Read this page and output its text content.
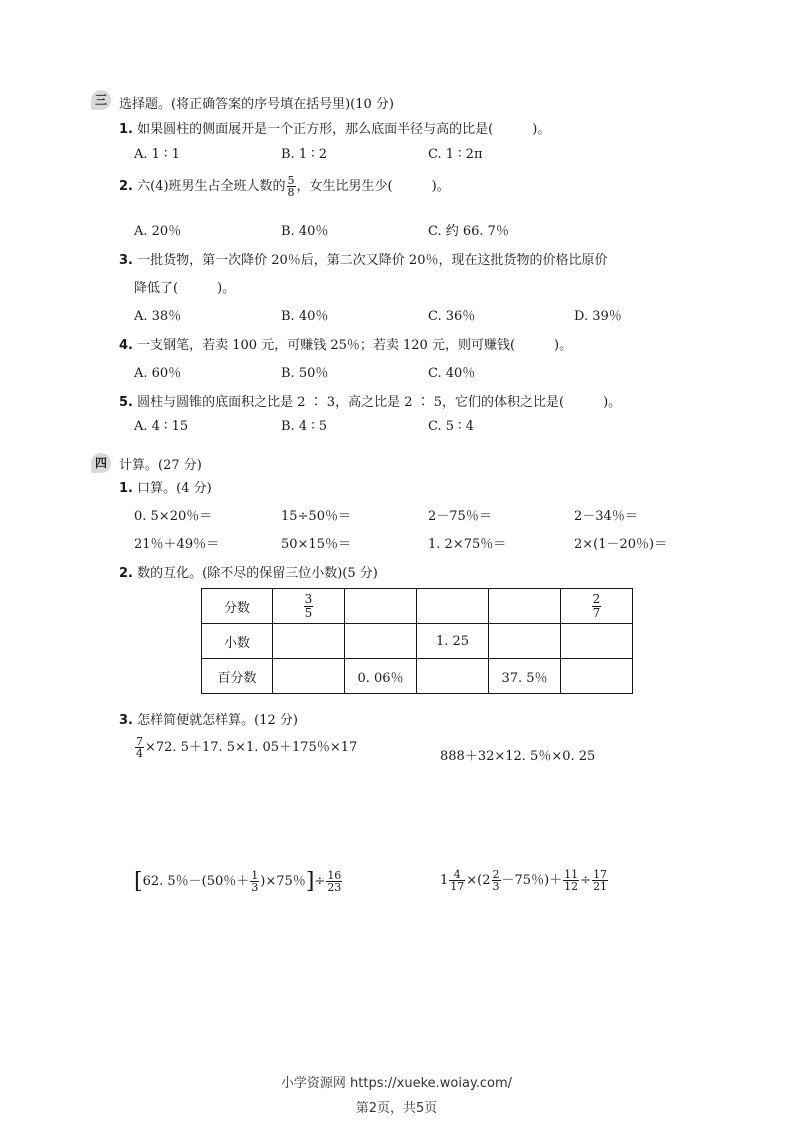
三 选择题。(将正确答案的序号填在括号里)(10 分)
1. 如果圆柱的侧面展开是一个正方形，那么底面半径与高的比是(　　　)。
A. 1 ∶ 1	B. 1 ∶ 2	C. 1 ∶ 2π
2. 六(4)班男生占全班人数的 $\frac{5}{8}$ ，女生比男生少(　　　)。
A. 20％	B. 40％	C. 约 66. 7％
3. 一批货物，第一次降价 20％后，第二次又降价 20％，现在这批货物的价格比原价
降低了(　　　)。
A. 38％	B. 40％	C. 36％	D. 39％
4. 一支钢笔，若卖 100 元，可赚钱 25％；若卖 120 元，则可赚钱(　　　)。
A. 60％	B. 50％	C. 40％
5. 圆柱与圆锥的底面积之比是 2 ∶ 3，高之比是 2 ∶ 5，它们的体积之比是(　　　)。
A. 4 ∶ 15	B. 4 ∶ 5	C. 5 ∶ 4
四 计算。(27 分)
1. 口算。(4 分)
0. 5×20％＝	15÷50％＝	2－75％＝	2－34％＝
21％＋49％＝	50×15％＝	1. 2×75％＝	2×(1－20％)＝
2. 数的互化。(除不尽的保留三位小数)(5 分)
分数	$\frac{3}{5}$				$\frac{2}{7}$

小数			1. 25		
百分数		0. 06％		37. 5％	
3. 怎样简便就怎样算。(12 分)
$\frac{7}{4} \times 72$. 5＋17. 5×1. 05＋175％×17
888＋32×12. 5％×0. 25
[62. 5％－(50％＋ $\frac{1}{3} )\times 75$％]÷ $\frac{16}{23}$	$1 \frac{4}{17} \times(2 \frac{2}{3} -75$％)＋ $\frac{11}{12} \div \frac{17}{21}$
小学资源网 https://xueke.woiay.com/
第2页，共5页
